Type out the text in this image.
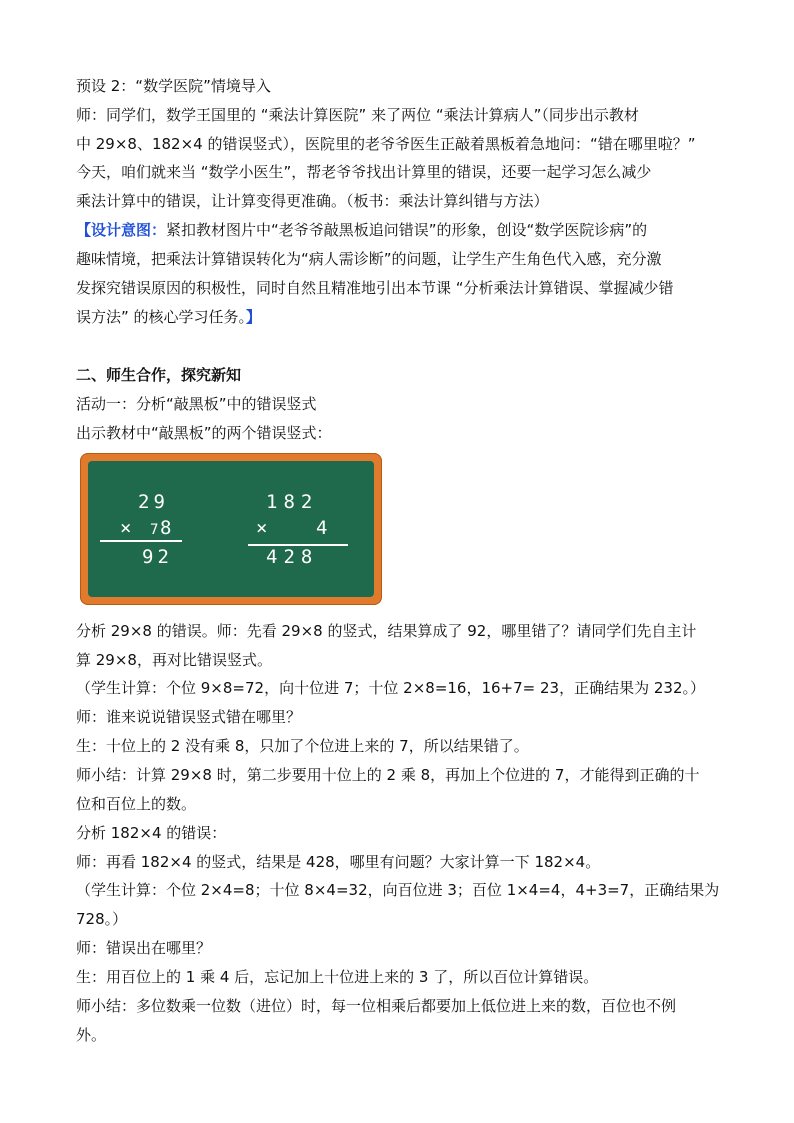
预设 2：“数学医院”情境导入
师：同学们，数学王国里的 “乘法计算医院” 来了两位 “乘法计算病人”（同步出示教材
中 29×8、182×4 的错误竖式），医院里的老爷爷医生正敲着黑板着急地问：“错在哪里啦？”
今天，咱们就来当 “数学小医生”，帮老爷爷找出计算里的错误，还要一起学习怎么减少
乘法计算中的错误，让计算变得更准确。（板书：乘法计算纠错与方法）
【设计意图：紧扣教材图片中“老爷爷敲黑板追问错误”的形象，创设“数学医院诊病”的
趣味情境，把乘法计算错误转化为“病人需诊断”的问题，让学生产生角色代入感，充分激
发探究错误原因的积极性，同时自然且精准地引出本节课 “分析乘法计算错误、掌握减少错
误方法” 的核心学习任务。】
二、师生合作，探究新知
活动一：分析“敲黑板”中的错误竖式
出示教材中“敲黑板”的两个错误竖式：
29
× 7 8
92
182
×	4
428
分析 29×8 的错误。师：先看 29×8 的竖式，结果算成了 92，哪里错了？请同学们先自主计
算 29×8，再对比错误竖式。
（学生计算：个位 9×8=72，向十位进 7；十位 2×8=16，16+7= 23，正确结果为 232。）
师：谁来说说错误竖式错在哪里？
生：十位上的 2 没有乘 8，只加了个位进上来的 7，所以结果错了。
师小结：计算 29×8 时，第二步要用十位上的 2 乘 8，再加上个位进的 7，才能得到正确的十
位和百位上的数。
分析 182×4 的错误：
师：再看 182×4 的竖式，结果是 428，哪里有问题？大家计算一下 182×4。
（学生计算：个位 2×4=8；十位 8×4=32，向百位进 3；百位 1×4=4，4+3=7，正确结果为
728。）
师：错误出在哪里？
生：用百位上的 1 乘 4 后，忘记加上十位进上来的 3 了，所以百位计算错误。
师小结：多位数乘一位数（进位）时，每一位相乘后都要加上低位进上来的数，百位也不例
外。
